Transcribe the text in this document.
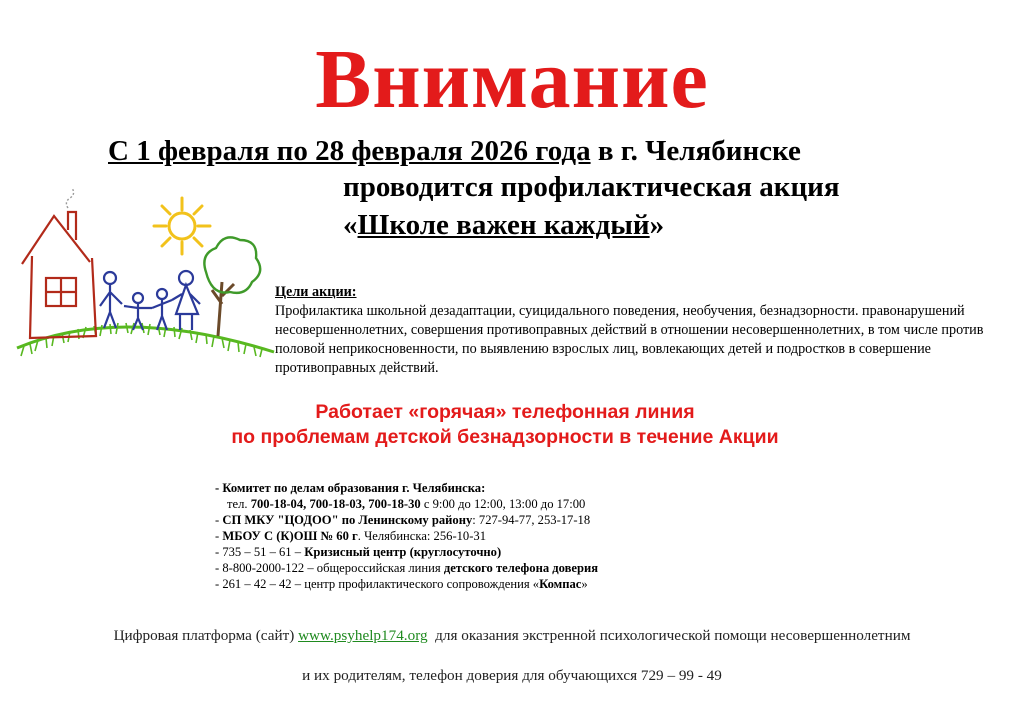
Внимание
С 1 февраля по 28 февраля 2026 года в г. Челябинске
проводится профилактическая акция
«Школе важен каждый»
Цели акции:
Профилактика школьной дезадаптации, суицидального поведения, необучения, безнадзорности. правонарушений несовершеннолетних, совершения противоправных действий в отношении несовершеннолетних, в том числе против половой неприкосновенности, по выявлению взрослых лиц, вовлекающих детей и подростков в совершение противоправных действий.
Работает «горячая» телефонная линия
по проблемам детской безнадзорности в течение Акции
- Комитет по делам образования г. Челябинска:
тел. 700-18-04, 700-18-03, 700-18-30 с 9:00 до 12:00, 13:00 до 17:00
- СП МКУ "ЦОДОО" по Ленинскому району: 727-94-77, 253-17-18
- МБОУ С (К)ОШ № 60 г. Челябинска: 256-10-31
- 735 – 51 – 61 – Кризисный центр (круглосуточно)
- 8-800-2000-122 – общероссийская линия детского телефона доверия
- 261 – 42 – 42 – центр профилактического сопровождения «Компас»
Цифровая платформа (сайт) www.psyhelp174.org  для оказания экстренной психологической помощи несовершеннолетним
и их родителям, телефон доверия для обучающихся 729 – 99 - 49
